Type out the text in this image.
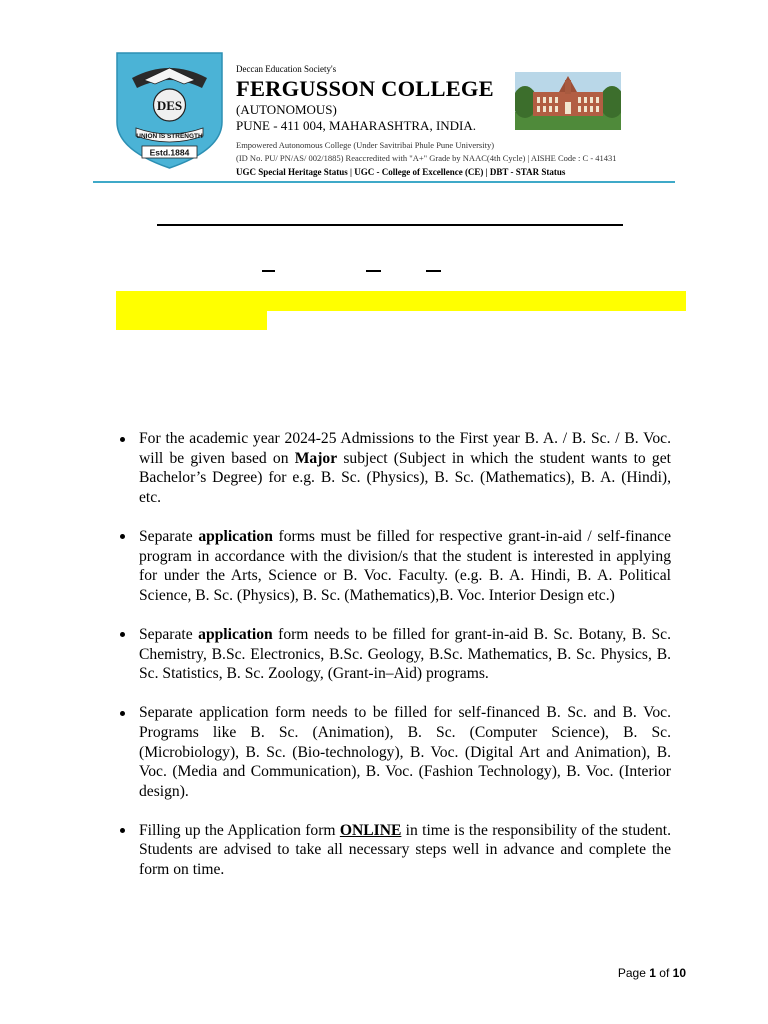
DES
UNION IS STRENGTH
Estd.1884
Deccan Education Society's
FERGUSSON COLLEGE
(AUTONOMOUS)
PUNE - 411 004, MAHARASHTRA, INDIA.
Empowered Autonomous College (Under Savitribai Phule Pune University)
(ID No. PU/ PN/AS/ 002/1885) Reaccredited with "A+" Grade by NAAC(4th Cycle) | AISHE Code : C - 41431
UGC Special Heritage Status | UGC - College of Excellence (CE) | DBT - STAR Status
For the academic year 2024-25 Admissions to the First year B. A. / B. Sc. / B. Voc. will be given based on Major subject (Subject in which the student wants to get Bachelor’s Degree) for e.g. B. Sc. (Physics), B. Sc. (Mathematics), B. A. (Hindi), etc.
Separate application forms must be filled for respective grant-in-aid / self-finance program in accordance with the division/s that the student is interested in applying for under the Arts, Science or B. Voc. Faculty. (e.g. B. A. Hindi, B. A. Political Science, B. Sc. (Physics), B. Sc. (Mathematics),B. Voc. Interior Design etc.)
Separate application form needs to be filled for grant-in-aid B. Sc. Botany, B. Sc. Chemistry, B.Sc. Electronics, B.Sc. Geology, B.Sc. Mathematics, B. Sc. Physics, B. Sc. Statistics, B. Sc. Zoology, (Grant-in–Aid) programs.
Separate application form needs to be filled for self-financed B. Sc. and B. Voc. Programs like B. Sc. (Animation), B. Sc. (Computer Science), B. Sc. (Microbiology), B. Sc. (Bio-technology), B. Voc. (Digital Art and Animation), B. Voc. (Media and Communication), B. Voc. (Fashion Technology), B. Voc. (Interior design).
Filling up the Application form ONLINE in time is the responsibility of the student. Students are advised to take all necessary steps well in advance and complete the form on time.
Page 1 of 10
